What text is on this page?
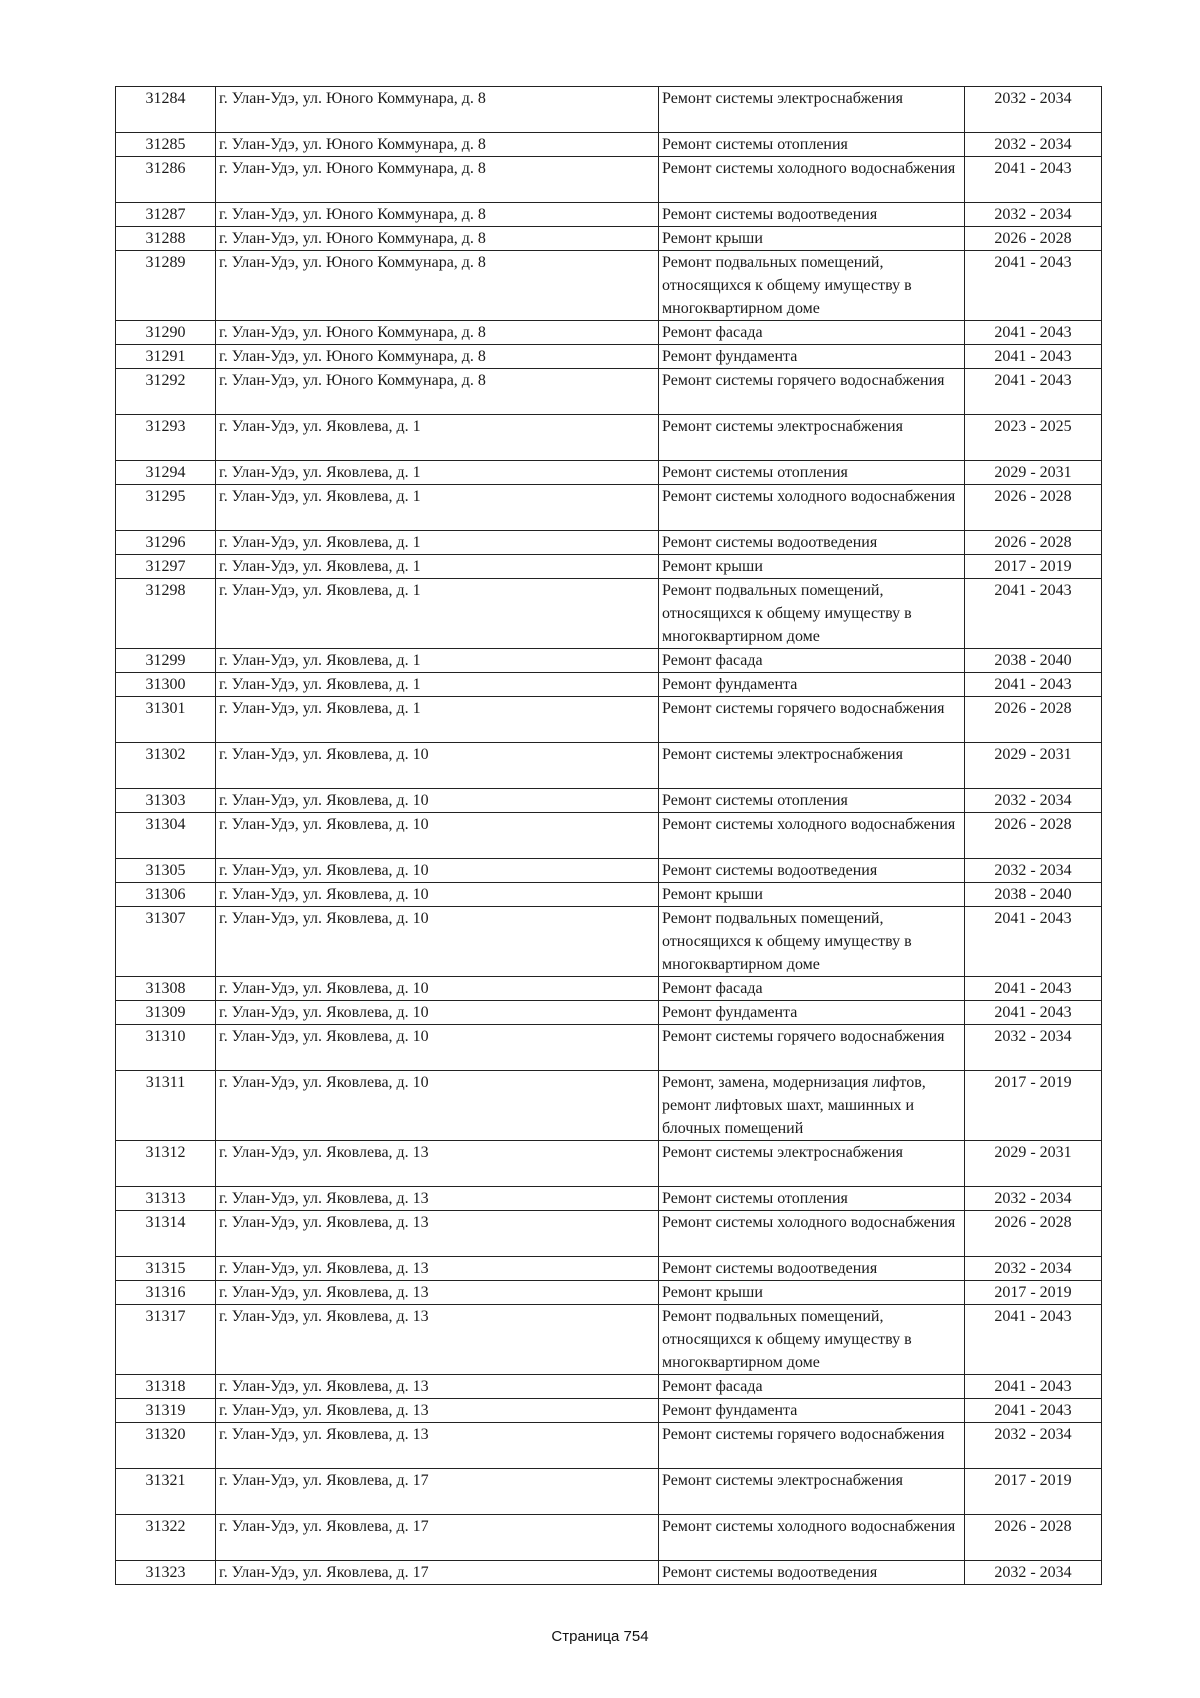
31284	г. Улан-Удэ, ул. Юного Коммунара, д. 8	Ремонт системы электроснабжения	2032 - 2034
31285	г. Улан-Удэ, ул. Юного Коммунара, д. 8	Ремонт системы отопления	2032 - 2034
31286	г. Улан-Удэ, ул. Юного Коммунара, д. 8	Ремонт системы холодного водоснабжения	2041 - 2043
31287	г. Улан-Удэ, ул. Юного Коммунара, д. 8	Ремонт системы водоотведения	2032 - 2034
31288	г. Улан-Удэ, ул. Юного Коммунара, д. 8	Ремонт крыши	2026 - 2028
31289	г. Улан-Удэ, ул. Юного Коммунара, д. 8	Ремонт подвальных помещений, относящихся к общему имуществу в многоквартирном доме	2041 - 2043
31290	г. Улан-Удэ, ул. Юного Коммунара, д. 8	Ремонт фасада	2041 - 2043
31291	г. Улан-Удэ, ул. Юного Коммунара, д. 8	Ремонт фундамента	2041 - 2043
31292	г. Улан-Удэ, ул. Юного Коммунара, д. 8	Ремонт системы горячего водоснабжения	2041 - 2043
31293	г. Улан-Удэ, ул. Яковлева, д. 1	Ремонт системы электроснабжения	2023 - 2025
31294	г. Улан-Удэ, ул. Яковлева, д. 1	Ремонт системы отопления	2029 - 2031
31295	г. Улан-Удэ, ул. Яковлева, д. 1	Ремонт системы холодного водоснабжения	2026 - 2028
31296	г. Улан-Удэ, ул. Яковлева, д. 1	Ремонт системы водоотведения	2026 - 2028
31297	г. Улан-Удэ, ул. Яковлева, д. 1	Ремонт крыши	2017 - 2019
31298	г. Улан-Удэ, ул. Яковлева, д. 1	Ремонт подвальных помещений, относящихся к общему имуществу в многоквартирном доме	2041 - 2043
31299	г. Улан-Удэ, ул. Яковлева, д. 1	Ремонт фасада	2038 - 2040
31300	г. Улан-Удэ, ул. Яковлева, д. 1	Ремонт фундамента	2041 - 2043
31301	г. Улан-Удэ, ул. Яковлева, д. 1	Ремонт системы горячего водоснабжения	2026 - 2028
31302	г. Улан-Удэ, ул. Яковлева, д. 10	Ремонт системы электроснабжения	2029 - 2031
31303	г. Улан-Удэ, ул. Яковлева, д. 10	Ремонт системы отопления	2032 - 2034
31304	г. Улан-Удэ, ул. Яковлева, д. 10	Ремонт системы холодного водоснабжения	2026 - 2028
31305	г. Улан-Удэ, ул. Яковлева, д. 10	Ремонт системы водоотведения	2032 - 2034
31306	г. Улан-Удэ, ул. Яковлева, д. 10	Ремонт крыши	2038 - 2040
31307	г. Улан-Удэ, ул. Яковлева, д. 10	Ремонт подвальных помещений, относящихся к общему имуществу в многоквартирном доме	2041 - 2043
31308	г. Улан-Удэ, ул. Яковлева, д. 10	Ремонт фасада	2041 - 2043
31309	г. Улан-Удэ, ул. Яковлева, д. 10	Ремонт фундамента	2041 - 2043
31310	г. Улан-Удэ, ул. Яковлева, д. 10	Ремонт системы горячего водоснабжения	2032 - 2034
31311	г. Улан-Удэ, ул. Яковлева, д. 10	Ремонт, замена, модернизация лифтов, ремонт лифтовых шахт, машинных и блочных помещений	2017 - 2019
31312	г. Улан-Удэ, ул. Яковлева, д. 13	Ремонт системы электроснабжения	2029 - 2031
31313	г. Улан-Удэ, ул. Яковлева, д. 13	Ремонт системы отопления	2032 - 2034
31314	г. Улан-Удэ, ул. Яковлева, д. 13	Ремонт системы холодного водоснабжения	2026 - 2028
31315	г. Улан-Удэ, ул. Яковлева, д. 13	Ремонт системы водоотведения	2032 - 2034
31316	г. Улан-Удэ, ул. Яковлева, д. 13	Ремонт крыши	2017 - 2019
31317	г. Улан-Удэ, ул. Яковлева, д. 13	Ремонт подвальных помещений, относящихся к общему имуществу в многоквартирном доме	2041 - 2043
31318	г. Улан-Удэ, ул. Яковлева, д. 13	Ремонт фасада	2041 - 2043
31319	г. Улан-Удэ, ул. Яковлева, д. 13	Ремонт фундамента	2041 - 2043
31320	г. Улан-Удэ, ул. Яковлева, д. 13	Ремонт системы горячего водоснабжения	2032 - 2034
31321	г. Улан-Удэ, ул. Яковлева, д. 17	Ремонт системы электроснабжения	2017 - 2019
31322	г. Улан-Удэ, ул. Яковлева, д. 17	Ремонт системы холодного водоснабжения	2026 - 2028
31323	г. Улан-Удэ, ул. Яковлева, д. 17	Ремонт системы водоотведения	2032 - 2034
Страница 754
